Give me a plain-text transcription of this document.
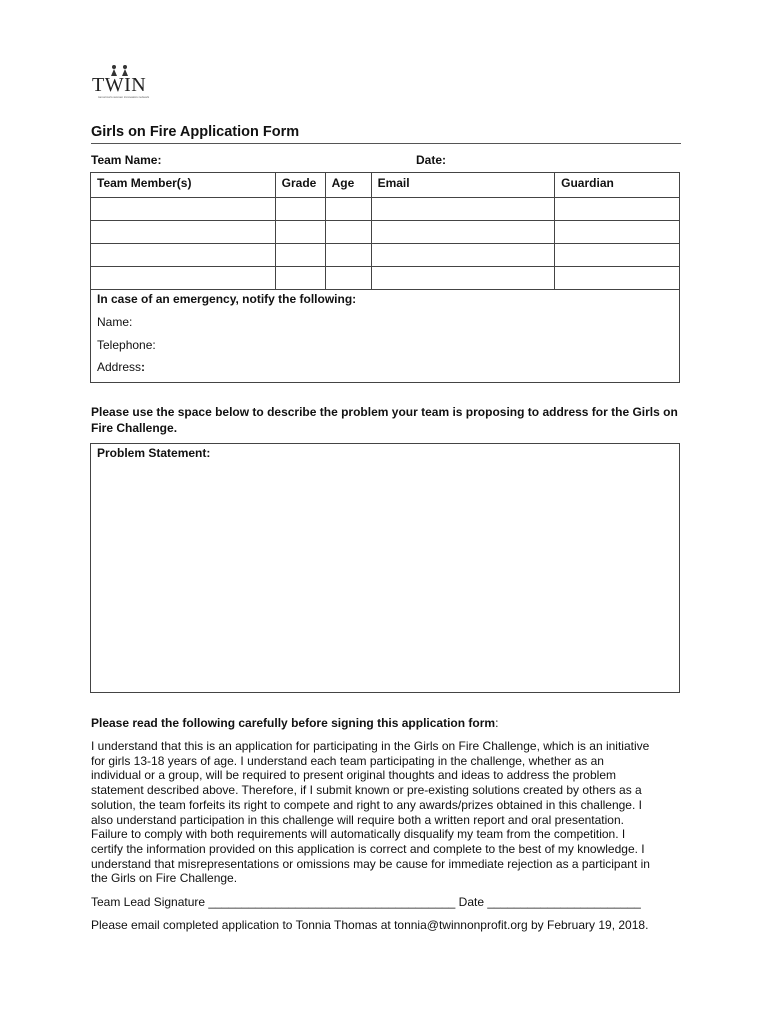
TWIN
tomorrow's women innovators network
Girls on Fire Application Form
Team Name:	Date:
Team Member(s)	Grade	Age	Email	Guardian

In case of an emergency, notify the following:
Name:
Telephone:
Address:
Please use the space below to describe the problem your team is proposing to address for the Girls on Fire Challenge.
Problem Statement:
Please read the following carefully before signing this application form:
I understand that this is an application for participating in the Girls on Fire Challenge, which is an initiative
for girls 13-18 years of age. I understand each team participating in the challenge, whether as an
individual or a group, will be required to present original thoughts and ideas to address the problem
statement described above. Therefore, if I submit known or pre-existing solutions created by others as a
solution, the team forfeits its right to compete and right to any awards/prizes obtained in this challenge. I
also understand participation in this challenge will require both a written report and oral presentation.
Failure to comply with both requirements will automatically disqualify my team from the competition. I
certify the information provided on this application is correct and complete to the best of my knowledge. I
understand that misrepresentations or omissions may be cause for immediate rejection as a participant in
the Girls on Fire Challenge.
Team Lead Signature _____________________________________ Date _______________________
Please email completed application to Tonnia Thomas at tonnia@twinnonprofit.org by February 19, 2018.
